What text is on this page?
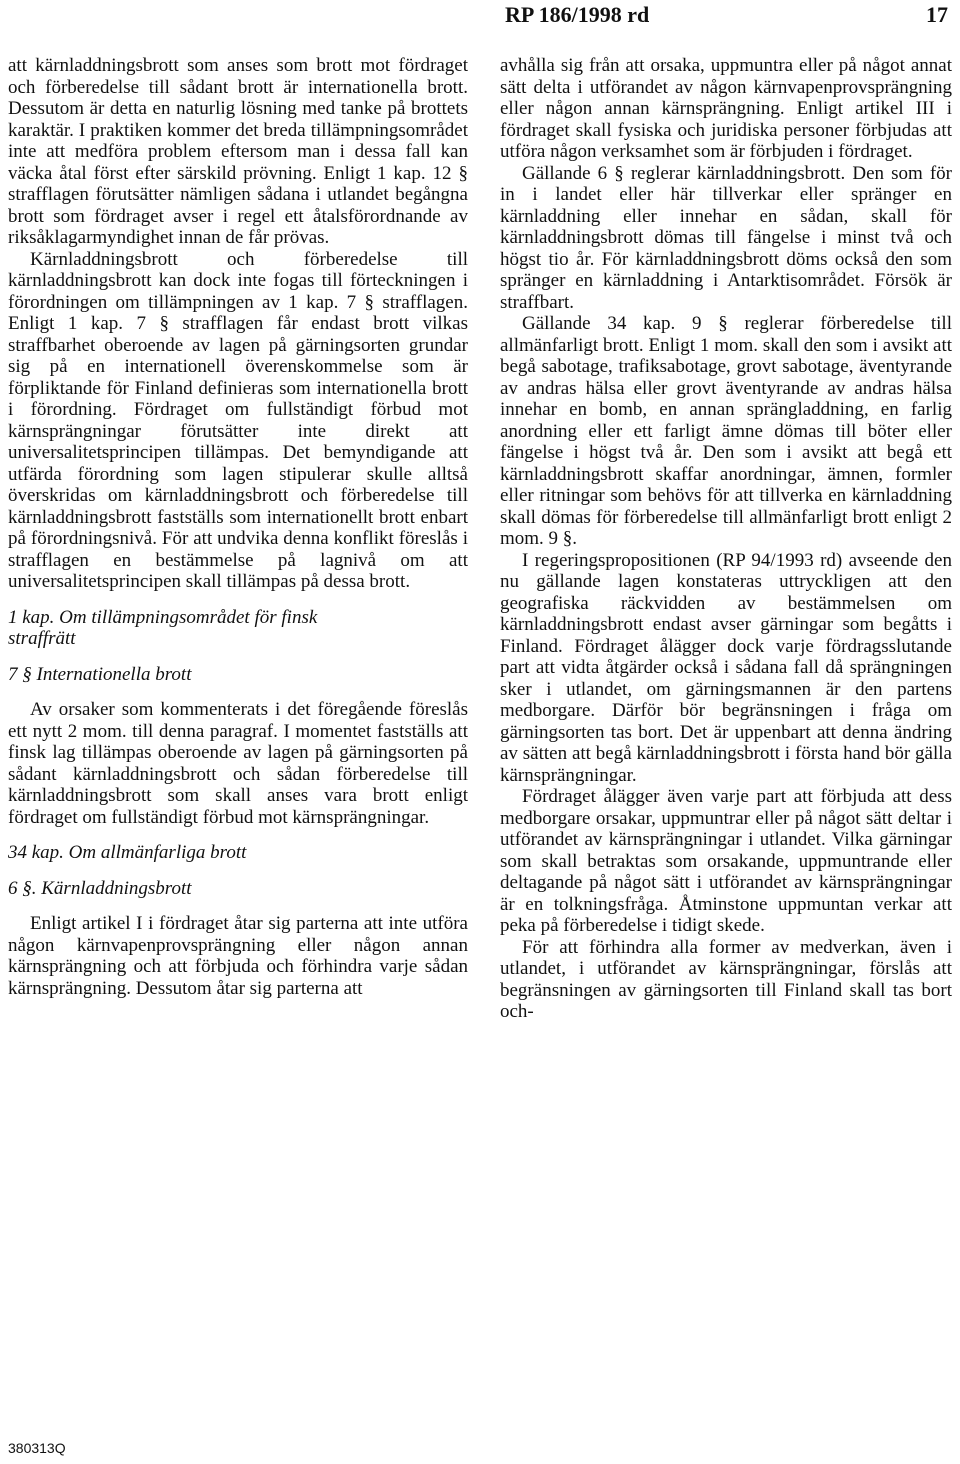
RP 186/1998 rd	17

att kärnladdningsbrott som anses som brott mot fördraget och förberedelse till sådant brott är internationella brott. Dessutom är detta en naturlig lösning med tanke på brottets karaktär. I praktiken kommer det breda tillämpningsområdet inte att medföra problem eftersom man i dessa fall kan väcka åtal först efter särskild prövning. Enligt 1 kap. 12 § strafflagen förutsätter nämligen sådana i utlandet begångna brott som fördraget avser i regel ett åtalsförordnande av riksåklagarmyndighet innan de får prövas.

Kärnladdningsbrott och förberedelse till kärnladdningsbrott kan dock inte fogas till förteckningen i förordningen om tillämpningen av 1 kap. 7 § strafflagen. Enligt 1 kap. 7 § strafflagen får endast brott vilkas straffbarhet oberoende av lagen på gärningsorten grundar sig på en internationell överenskommelse som är förpliktande för Finland definieras som internationella brott i förordning. Fördraget om fullständigt förbud mot kärnsprängningar förutsätter inte direkt att universalitetsprincipen tillämpas. Det bemyndigande att utfärda förordning som lagen stipulerar skulle alltså överskridas om kärnladdningsbrott och förberedelse till kärnladdningsbrott fastställs som internationellt brott enbart på förordningsnivå. För att undvika denna konflikt föreslås i strafflagen en bestämmelse på lagnivå om att universalitetsprincipen skall tillämpas på dessa brott.

1 kap. Om tillämpningsområdet för finsk
straffrätt
7 § Internationella brott

Av orsaker som kommenterats i det föregående föreslås ett nytt 2 mom. till denna paragraf. I momentet fastställs att finsk lag tillämpas oberoende av lagen på gärningsorten på sådant kärnladdningsbrott och sådan förberedelse till kärnladdningsbrott som skall anses vara brott enligt fördraget om fullständigt förbud mot kärnsprängningar.

34 kap. Om allmänfarliga brott
6 §. Kärnladdningsbrott

Enligt artikel I i fördraget åtar sig parterna att inte utföra någon kärnvapenprovsprängning eller någon annan kärnsprängning och att förbjuda och förhindra varje sådan kärnsprängning. Dessutom åtar sig parterna att

avhålla sig från att orsaka, uppmuntra eller på något annat sätt delta i utförandet av någon kärnvapenprovsprängning eller någon annan kärnsprängning. Enligt artikel III i fördraget skall fysiska och juridiska personer förbjudas att utföra någon verksamhet som är förbjuden i fördraget.

Gällande 6 § reglerar kärnladdningsbrott. Den som för in i landet eller här tillverkar eller spränger en kärnladdning eller innehar en sådan, skall för kärnladdningsbrott dömas till fängelse i minst två och högst tio år. För kärnladdningsbrott döms också den som spränger en kärnladdning i Antarktisområdet. Försök är straffbart.

Gällande 34 kap. 9 § reglerar förberedelse till allmänfarligt brott. Enligt 1 mom. skall den som i avsikt att begå sabotage, trafiksabotage, grovt sabotage, äventyrande av andras hälsa eller grovt äventyrande av andras hälsa innehar en bomb, en annan sprängladdning, en farlig anordning eller ett farligt ämne dömas till böter eller fängelse i högst två år. Den som i avsikt att begå ett kärnladdningsbrott skaffar anordningar, ämnen, formler eller ritningar som behövs för att tillverka en kärnladdning skall dömas för förberedelse till allmänfarligt brott enligt 2 mom. 9 §.

I regeringspropositionen (RP 94/1993 rd) avseende den nu gällande lagen konstateras uttryckligen att den geografiska räckvidden av bestämmelsen om kärnladdningsbrott endast avser gärningar som begåtts i Finland. Fördraget ålägger dock varje fördragsslutande part att vidta åtgärder också i sådana fall då sprängningen sker i utlandet, om gärningsmannen är den partens medborgare. Därför bör begränsningen i fråga om gärningsorten tas bort. Det är uppenbart att denna ändring av sätten att begå kärnladdningsbrott i första hand bör gälla kärnsprängningar.

Fördraget ålägger även varje part att förbjuda att dess medborgare orsakar, uppmuntrar eller på något sätt deltar i utförandet av kärnsprängningar i utlandet. Vilka gärningar som skall betraktas som orsakande, uppmuntrande eller deltagande på något sätt i utförandet av kärnsprängningar är en tolkningsfråga. Åtminstone uppmuntan verkar att peka på förberedelse i tidigt skede.

För att förhindra alla former av medverkan, även i utlandet, i utförandet av kärnsprängningar, förslås att begränsningen av gärningsorten till Finland skall tas bort och-

380313Q
